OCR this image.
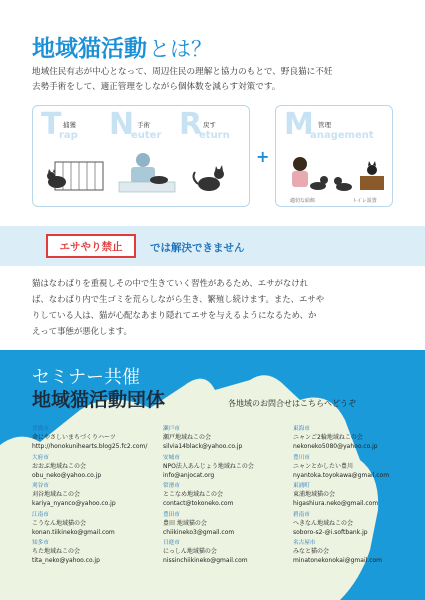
地域猫活動 とは？
地域住民有志が中心となって、周辺住民の理解と協力のもとで、野良猫に不妊
去勢手術をして、適正管理をしながら個体数を減らす対策です。
T 捕獲
rap N 手術
euter R 戻す
eturn
+
M 管理
anagement
適切な給餌	トイレ設置
エサやり禁止	では解決できません
猫はなわばりを重視しその中で生きていく習性があるため、エサがなけれ
ば、なわばり内で生ゴミを荒らしながら生き、繁殖し続けます。また、エサや
りしている人は、猫が心配なあまり隠れてエサを与えるようになるため、か
えって事態が悪化します。
セミナー共催
地域猫活動団体	各地域のお問合せはこちらへどうぞ
豊橋市
命にやさしいまちづくりハーツ
http://honokunihearts.blog25.fc2.com/
大府市
おおぶ地域ねこの会
obu_neko@yahoo.co.jp
刈谷市
刈谷地域ねこの会
kariya_nyanco@yahoo.co.jp
江南市
こうなん地域猫の会
konan.tiikineko@gmail.com
知多市
ちた地域ねこの会
tita_neko@yahoo.co.jp
瀬戸市
瀬戸地域ねこの会
silvia14black@yahoo.co.jp
安城市
NPO法人あんじょう地域ねこの会
info@anjocat.org
常滑市
とこなめ地域ねこの会
contact@tokoneko.com
豊田市
豊田 地域猫の会
chiikineko3@gmail.com
日進市
にっしん地域猫の会
nissinchiikineko@gmail.com
東海市
ニャンご2輪地域ねこの会
nekoneko5080@yahoo.co.jp
豊川市
ニャンとかしたい豊川
nyantoka.toyokawa@gmail.com
東浦町
東浦地域猫の会
higashiura.neko@gmail.com
碧南市
へきなん地域ねこの会
soboro-s2-@i.softbank.jp
名古屋市
みなと猫の会
minatonekonokai@gmail.com
